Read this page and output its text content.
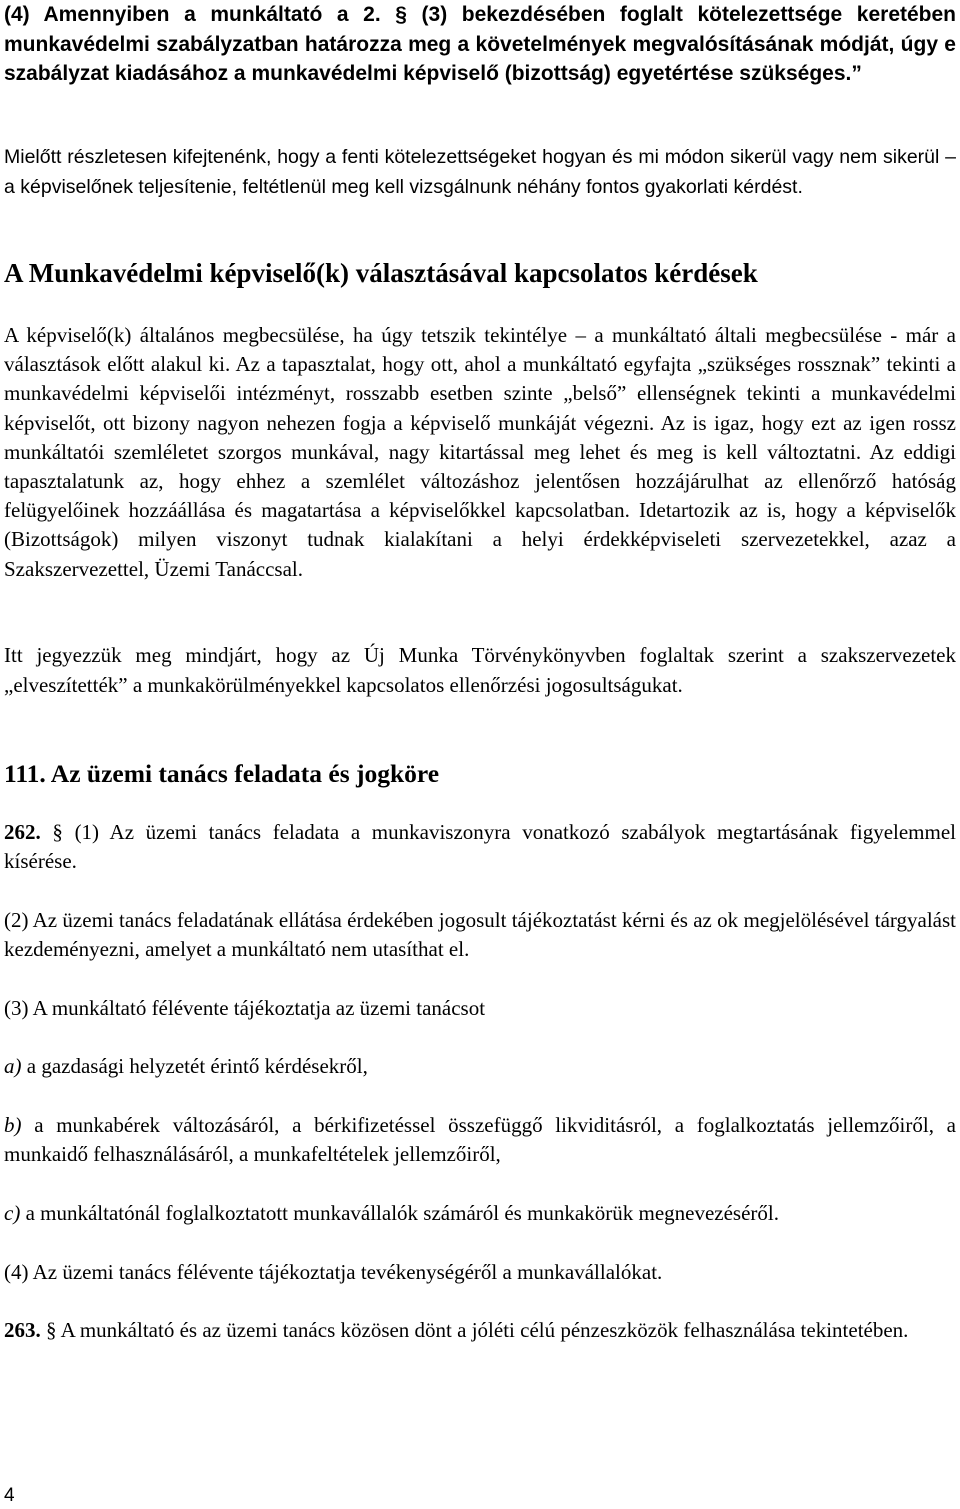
(4) Amennyiben a munkáltató a 2. § (3) bekezdésében foglalt kötelezettsége keretében munkavédelmi szabályzatban határozza meg a követelmények megvalósításának módját, úgy e szabályzat kiadásához a munkavédelmi képviselő (bizottság) egyetértése szükséges.”

Mielőtt részletesen kifejtenénk, hogy a fenti kötelezettségeket hogyan és mi módon sikerül vagy nem sikerül – a képviselőnek teljesítenie, feltétlenül meg kell vizsgálnunk néhány fontos gyakorlati kérdést.

A Munkavédelmi képviselő(k) választásával kapcsolatos kérdések

A képviselő(k) általános megbecsülése, ha úgy tetszik tekintélye – a munkáltató általi megbecsülése - már a választások előtt alakul ki. Az a tapasztalat, hogy ott, ahol a munkáltató egyfajta „szükséges rossznak” tekinti a munkavédelmi képviselői intézményt, rosszabb esetben szinte „belső” ellenségnek tekinti a munkavédelmi képviselőt, ott bizony nagyon nehezen fogja a képviselő munkáját végezni. Az is igaz, hogy ezt az igen rossz munkáltatói szemléletet szorgos munkával, nagy kitartással meg lehet és meg is kell változtatni. Az eddigi tapasztalatunk az, hogy ehhez a szemlélet változáshoz jelentősen hozzájárulhat az ellenőrző hatóság felügyelőinek hozzáállása és magatartása a képviselőkkel kapcsolatban. Idetartozik az is, hogy a képviselők (Bizottságok) milyen viszonyt tudnak kialakítani a helyi érdekképviseleti szervezetekkel, azaz a Szakszervezettel, Üzemi Tanáccsal.

Itt jegyezzük meg mindjárt, hogy az Új Munka Törvénykönyvben foglaltak szerint a szakszervezetek „elveszítették” a munkakörülményekkel kapcsolatos ellenőrzési jogosultságukat.

111. Az üzemi tanács feladata és jogköre

262. § (1) Az üzemi tanács feladata a munkaviszonyra vonatkozó szabályok megtartásának figyelemmel kísérése.

(2) Az üzemi tanács feladatának ellátása érdekében jogosult tájékoztatást kérni és az ok megjelölésével tárgyalást kezdeményezni, amelyet a munkáltató nem utasíthat el.

(3) A munkáltató félévente tájékoztatja az üzemi tanácsot

a) a gazdasági helyzetét érintő kérdésekről,

b) a munkabérek változásáról, a bérkifizetéssel összefüggő likviditásról, a foglalkoztatás jellemzőiről, a munkaidő felhasználásáról, a munkafeltételek jellemzőiről,

c) a munkáltatónál foglalkoztatott munkavállalók számáról és munkakörük megnevezéséről.

(4) Az üzemi tanács félévente tájékoztatja tevékenységéről a munkavállalókat.

263. § A munkáltató és az üzemi tanács közösen dönt a jóléti célú pénzeszközök felhasználása tekintetében.

4
